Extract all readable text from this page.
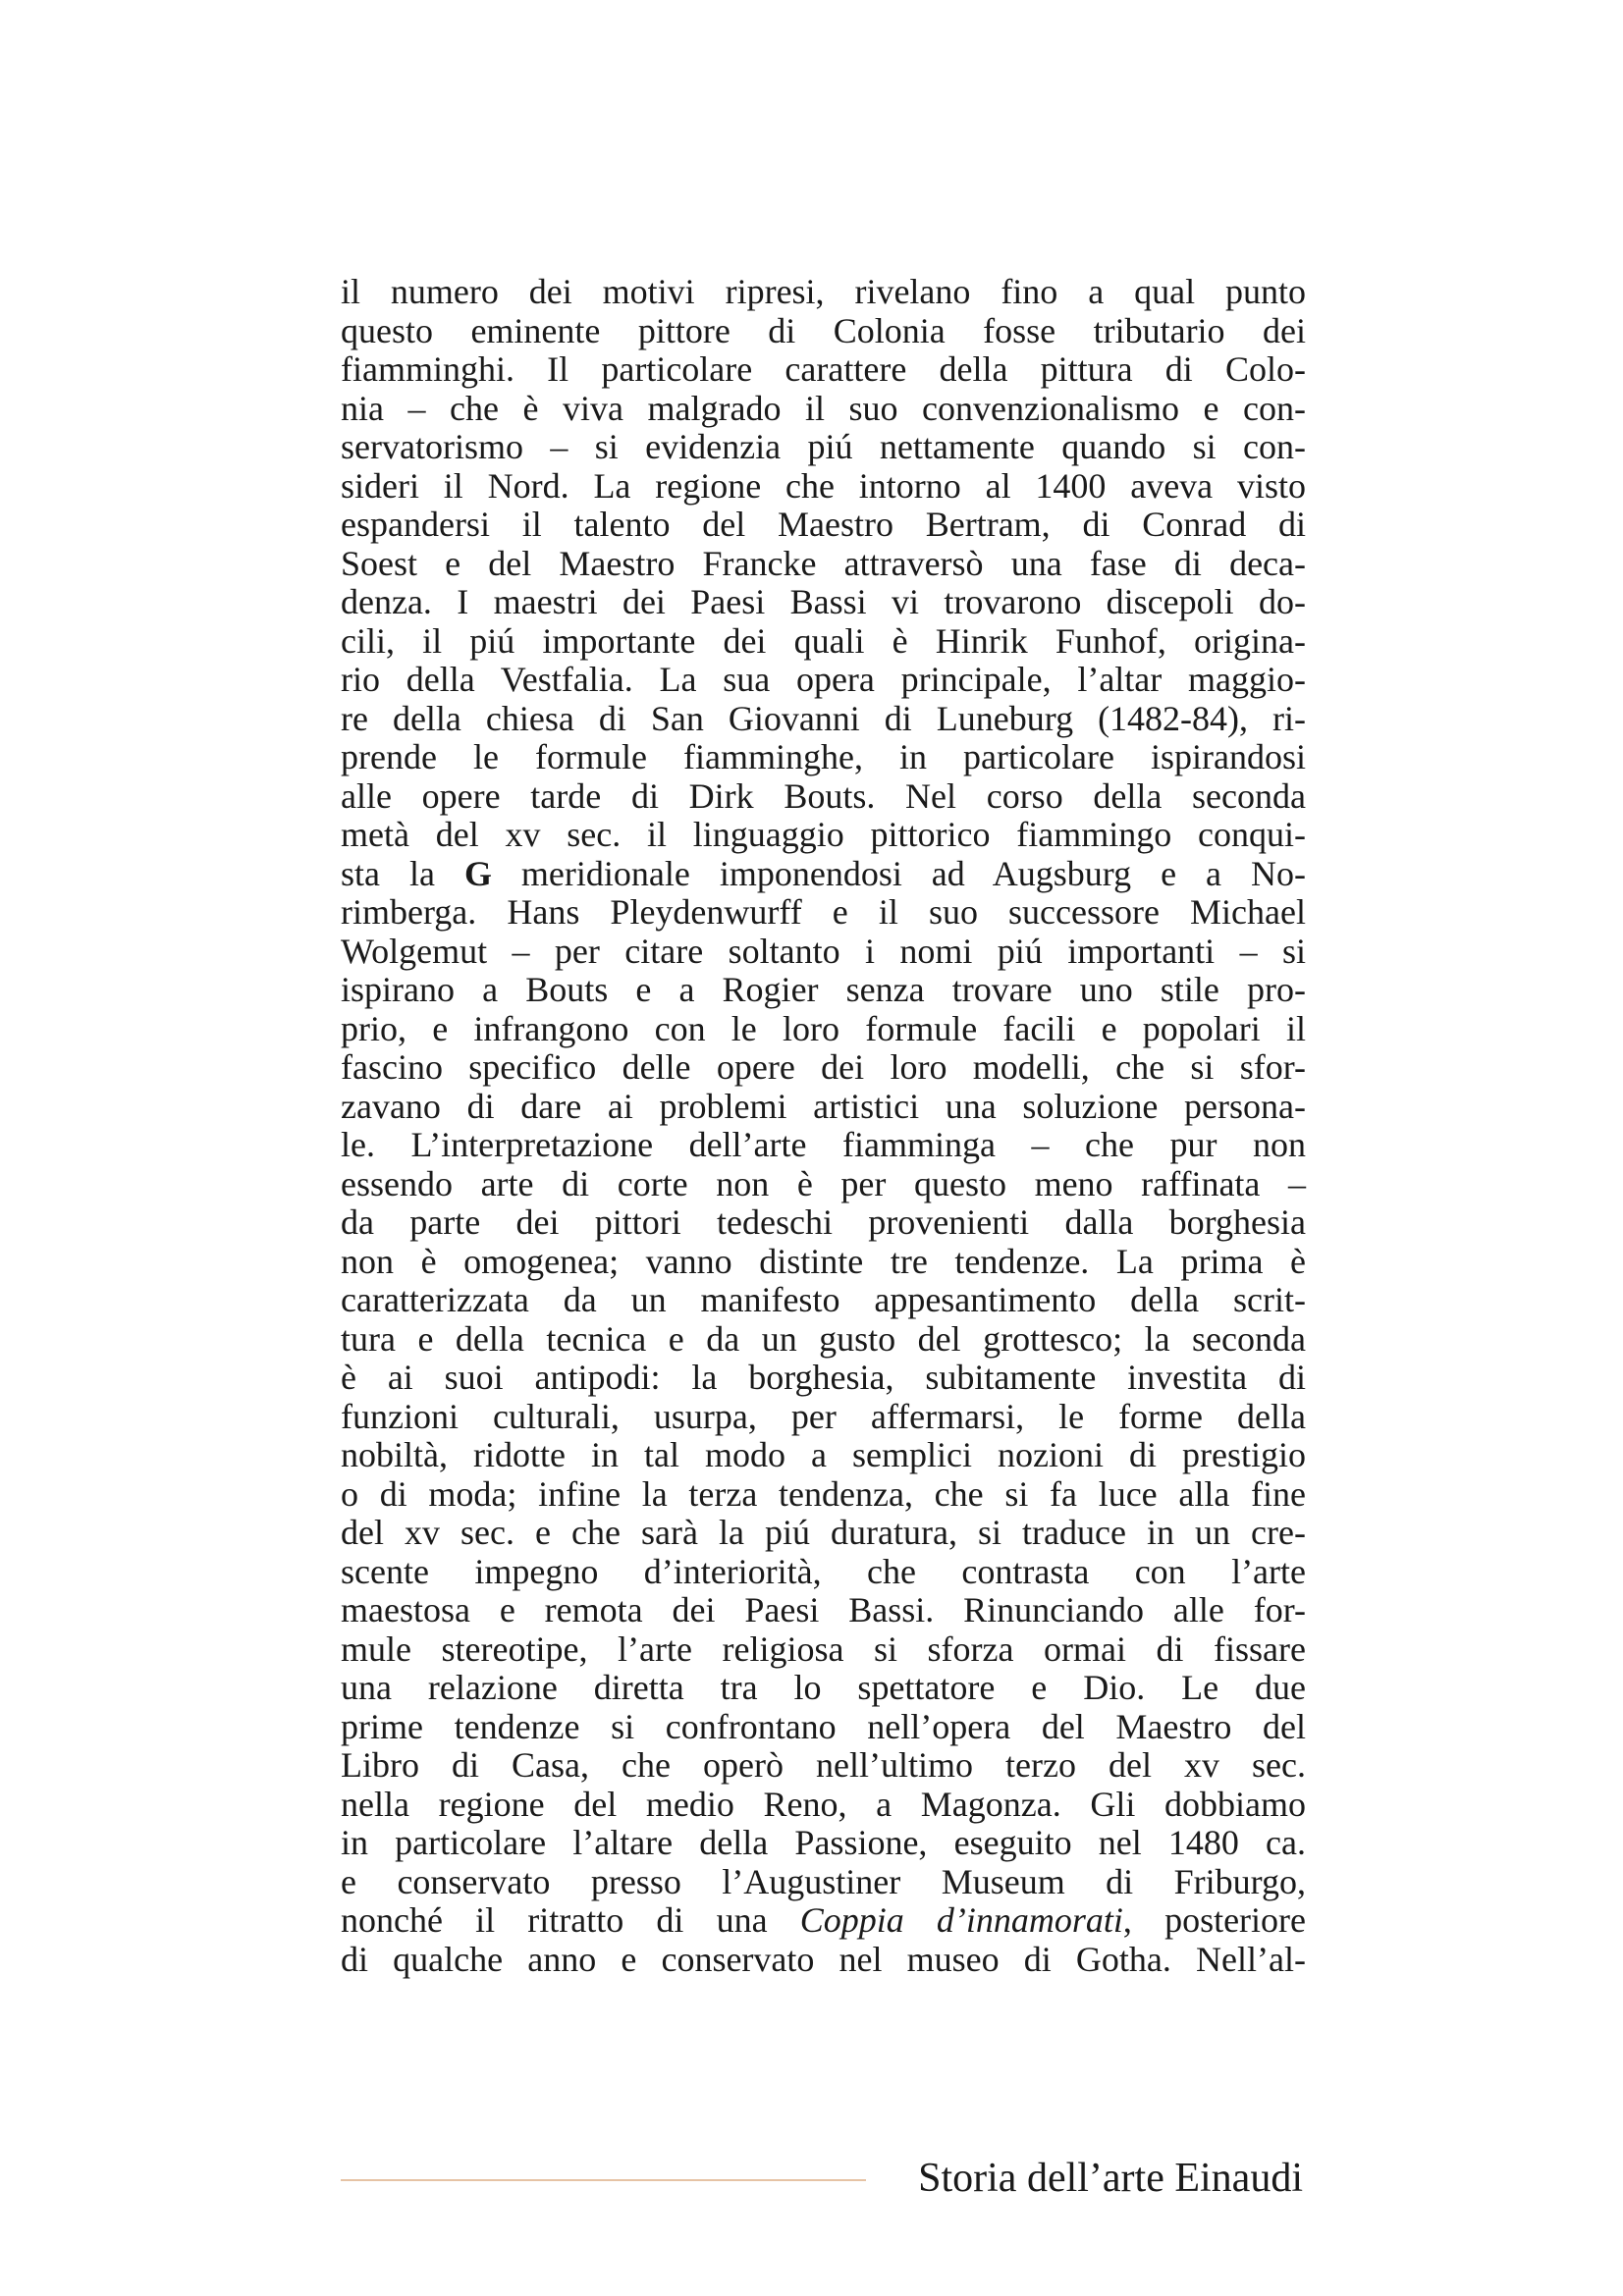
il numero dei motivi ripresi, rivelano fino a qual punto
questo eminente pittore di Colonia fosse tributario dei
fiamminghi. Il particolare carattere della pittura di Colo-
nia – che è viva malgrado il suo convenzionalismo e con-
servatorismo – si evidenzia piú nettamente quando si con-
sideri il Nord. La regione che intorno al 1400 aveva visto
espandersi il talento del Maestro Bertram, di Conrad di
Soest e del Maestro Francke attraversò una fase di deca-
denza. I maestri dei Paesi Bassi vi trovarono discepoli do-
cili, il piú importante dei quali è Hinrik Funhof, origina-
rio della Vestfalia. La sua opera principale, l’altar maggio-
re della chiesa di San Giovanni di Luneburg (1482-84), ri-
prende le formule fiamminghe, in particolare ispirandosi
alle opere tarde di Dirk Bouts. Nel corso della seconda
metà del xv sec. il linguaggio pittorico fiammingo conqui-
sta la G meridionale imponendosi ad Augsburg e a No-
rimberga. Hans Pleydenwurff e il suo successore Michael
Wolgemut – per citare soltanto i nomi piú importanti – si
ispirano a Bouts e a Rogier senza trovare uno stile pro-
prio, e infrangono con le loro formule facili e popolari il
fascino specifico delle opere dei loro modelli, che si sfor-
zavano di dare ai problemi artistici una soluzione persona-
le. L’interpretazione dell’arte fiamminga – che pur non
essendo arte di corte non è per questo meno raffinata –
da parte dei pittori tedeschi provenienti dalla borghesia
non è omogenea; vanno distinte tre tendenze. La prima è
caratterizzata da un manifesto appesantimento della scrit-
tura e della tecnica e da un gusto del grottesco; la seconda
è ai suoi antipodi: la borghesia, subitamente investita di
funzioni culturali, usurpa, per affermarsi, le forme della
nobiltà, ridotte in tal modo a semplici nozioni di prestigio
o di moda; infine la terza tendenza, che si fa luce alla fine
del xv sec. e che sarà la piú duratura, si traduce in un cre-
scente impegno d’interiorità, che contrasta con l’arte
maestosa e remota dei Paesi Bassi. Rinunciando alle for-
mule stereotipe, l’arte religiosa si sforza ormai di fissare
una relazione diretta tra lo spettatore e Dio. Le due
prime tendenze si confrontano nell’opera del Maestro del
Libro di Casa, che operò nell’ultimo terzo del xv sec.
nella regione del medio Reno, a Magonza. Gli dobbiamo
in particolare l’altare della Passione, eseguito nel 1480 ca.
e conservato presso l’Augustiner Museum di Friburgo,
nonché il ritratto di una Coppia d’innamorati, posteriore
di qualche anno e conservato nel museo di Gotha. Nell’al-
Storia dell’arte Einaudi
